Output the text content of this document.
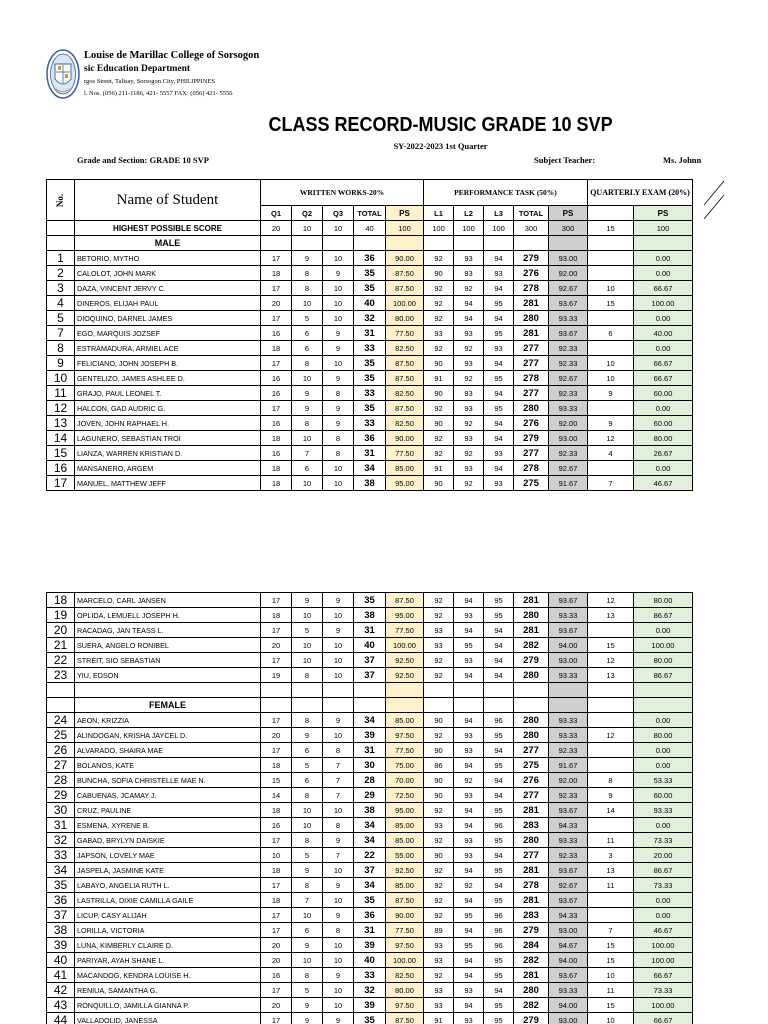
Louise de Marillac College of Sorsogon
sic Education Department
rgos Street, Talisay, Sorsogon City, PHILIPPINES
l. Nos. (056) 211-1186, 421- 5557 FAX: (056) 421- 5556
CLASS RECORD-MUSIC GRADE 10 SVP
SY-2022-2023 1st Quarter
Grade and Section: GRADE 10 SVP	Subject Teacher:	Ms. Johnn
No.	Name of Student	WRITTEN WORKS-20%					PERFORMANCE TASK (50%)					QUARTERLY EXAM (20%)	
		Q1	Q2	Q3	TOTAL	PS	L1	L2	L3	TOTAL	PS		PS
	HIGHEST POSSIBLE SCORE	20	10	10	40	100	100	100	100	300	300	15	100
	MALE												
1	BETORIO, MYTHO	17	9	10	36	90.00	92	93	94	279	93.00		0.00
2	CALOLOT, JOHN MARK	18	8	9	35	87.50	90	93	93	276	92.00		0.00
3	DAZA, VINCENT JERVY C.	17	8	10	35	87.50	92	92	94	278	92.67	10	66.67
4	DINEROS, ELIJAH PAUL	20	10	10	40	100.00	92	94	95	281	93.67	15	100.00
5	DIOQUINO, DARNEL JAMES	17	5	10	32	80.00	92	94	94	280	93.33		0.00
7	EGO, MARQUIS JOZSEF	16	6	9	31	77.50	93	93	95	281	93.67	6	40.00
8	ESTRAMADURA, ARMIEL ACE	18	6	9	33	82.50	92	92	93	277	92.33		0.00
9	FELICIANO, JOHN JOSEPH B.	17	8	10	35	87.50	90	93	94	277	92.33	10	66.67
10	GENTELIZO, JAMES ASHLEE D.	16	10	9	35	87.50	91	92	95	278	92.67	10	66.67
11	GRAJO, PAUL LEONEL T.	16	9	8	33	82.50	90	93	94	277	92.33	9	60.00
12	HALCON, GAD AUDRIC G.	17	9	9	35	87.50	92	93	95	280	93.33		0.00
13	JOVEN, JOHN RAPHAEL H.	16	8	9	33	82.50	90	92	94	276	92.00	9	60.00
14	LAGUNERO, SEBASTIAN TROI	18	10	8	36	90.00	92	93	94	279	93.00	12	80.00
15	LIANZA, WARREN KRISTIAN D.	16	7	8	31	77.50	92	92	93	277	92.33	4	26.67
16	MANSANERO, ARGEM	18	6	10	34	85.00	91	93	94	278	92.67		0.00
17	MANUEL, MATTHEW JEFF	18	10	10	38	95.00	90	92	93	275	91.67	7	46.67
18	MARCELO, CARL JANSEN	17	9	9	35	87.50	92	94	95	281	93.67	12	80.00
19	OPLIDA, LEMUELL JOSEPH H.	18	10	10	38	95.00	92	93	95	280	93.33	13	86.67
20	RACADAG, JAN TEASS L.	17	5	9	31	77.50	93	94	94	281	93.67		0.00
21	SUERA, ANGELO RONIBEL	20	10	10	40	100.00	93	95	94	282	94.00	15	100.00
22	STREIT, SIO SEBASTIAN	17	10	10	37	92.50	92	93	94	279	93.00	12	80.00
23	YIU, EDSON	19	8	10	37	92.50	92	94	94	280	93.33	13	86.67

	FEMALE												
24	AEON, KRIZZIA	17	8	9	34	85.00	90	94	96	280	93.33		0.00
25	ALINDOGAN, KRISHA JAYCEL D.	20	9	10	39	97.50	92	93	95	280	93.33	12	80.00
26	ALVARADO, SHAIRA MAE	17	6	8	31	77.50	90	93	94	277	92.33		0.00
27	BOLANOS, KATE	18	5	7	30	75.00	86	94	95	275	91.67		0.00
28	BUNCHA, SOFIA CHRISTELLE MAE N.	15	6	7	28	70.00	90	92	94	276	92.00	8	53.33
29	CABUENAS, JCAMAY J.	14	8	7	29	72.50	90	93	94	277	92.33	9	60.00
30	CRUZ, PAULINE	18	10	10	38	95.00	92	94	95	281	93.67	14	93.33
31	ESMENA, XYRENE B.	16	10	8	34	85.00	93	94	96	283	94.33		0.00
32	GABAD, BRYLYN DAISKIE	17	8	9	34	85.00	92	93	95	280	93.33	11	73.33
33	JAPSON, LOVELY MAE	10	5	7	22	55.00	90	93	94	277	92.33	3	20.00
34	JASPELA, JASMINE KATE	18	9	10	37	92.50	92	94	95	281	93.67	13	86.67
35	LABAYO, ANGELIA RUTH L.	17	8	9	34	85.00	92	92	94	278	92.67	11	73.33
36	LASTRILLA, DIXIE CAMILLA GAILE	18	7	10	35	87.50	92	94	95	281	93.67		0.00
37	LICUP, CASY ALIJAH	17	10	9	36	90.00	92	95	96	283	94.33		0.00
38	LORILLA, VICTORIA	17	6	8	31	77.50	89	94	96	279	93.00	7	46.67
39	LUNA, KIMBERLY CLAIRE D.	20	9	10	39	97.50	93	95	96	284	94.67	15	100.00
40	PARIYAR, AYAH SHANE L.	20	10	10	40	100.00	93	94	95	282	94.00	15	100.00
41	MACANDOG, KENDRA LOUISE H.	16	8	9	33	82.50	92	94	95	281	93.67	10	66.67
42	RENIUA, SAMANTHA G.	17	5	10	32	80.00	93	93	94	280	93.33	11	73.33
43	RONQUILLO, JAMILLA GIANNA P.	20	9	10	39	97.50	93	94	95	282	94.00	15	100.00
44	VALLADOLID, JANESSA	17	9	9	35	87.50	91	93	95	279	93.00	10	66.67
